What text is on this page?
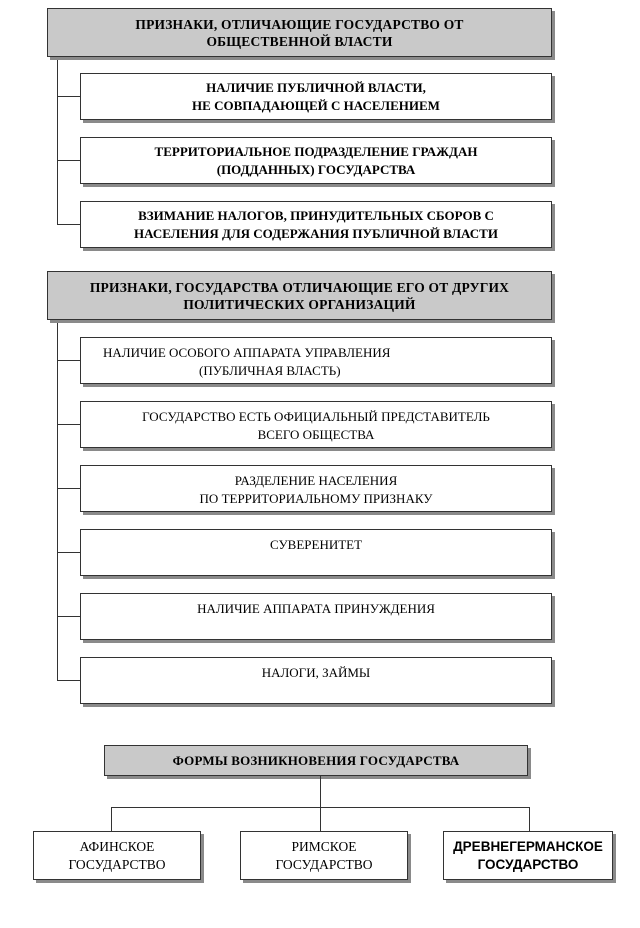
ПРИЗНАКИ, ОТЛИЧАЮЩИЕ ГОСУДАРСТВО ОТ
ОБЩЕСТВЕННОЙ ВЛАСТИ
НАЛИЧИЕ ПУБЛИЧНОЙ ВЛАСТИ,
НЕ СОВПАДАЮЩЕЙ С НАСЕЛЕНИЕМ
ТЕРРИТОРИАЛЬНОЕ ПОДРАЗДЕЛЕНИЕ ГРАЖДАН
(ПОДДАННЫХ) ГОСУДАРСТВА
ВЗИМАНИЕ НАЛОГОВ, ПРИНУДИТЕЛЬНЫХ СБОРОВ С
НАСЕЛЕНИЯ ДЛЯ СОДЕРЖАНИЯ ПУБЛИЧНОЙ ВЛАСТИ
ПРИЗНАКИ, ГОСУДАРСТВА ОТЛИЧАЮЩИЕ ЕГО ОТ ДРУГИХ
ПОЛИТИЧЕСКИХ ОРГАНИЗАЦИЙ
НАЛИЧИЕ ОСОБОГО АППАРАТА УПРАВЛЕНИЯ
(ПУБЛИЧНАЯ ВЛАСТЬ)
ГОСУДАРСТВО ЕСТЬ ОФИЦИАЛЬНЫЙ ПРЕДСТАВИТЕЛЬ
ВСЕГО ОБЩЕСТВА
РАЗДЕЛЕНИЕ НАСЕЛЕНИЯ
ПО ТЕРРИТОРИАЛЬНОМУ ПРИЗНАКУ
СУВЕРЕНИТЕТ
НАЛИЧИЕ АППАРАТА ПРИНУЖДЕНИЯ
НАЛОГИ, ЗАЙМЫ
ФОРМЫ ВОЗНИКНОВЕНИЯ ГОСУДАРСТВА
АФИНСКОЕ
ГОСУДАРСТВО
РИМСКОЕ
ГОСУДАРСТВО
ДРЕВНЕГЕРМАНСКОЕ
ГОСУДАРСТВО
